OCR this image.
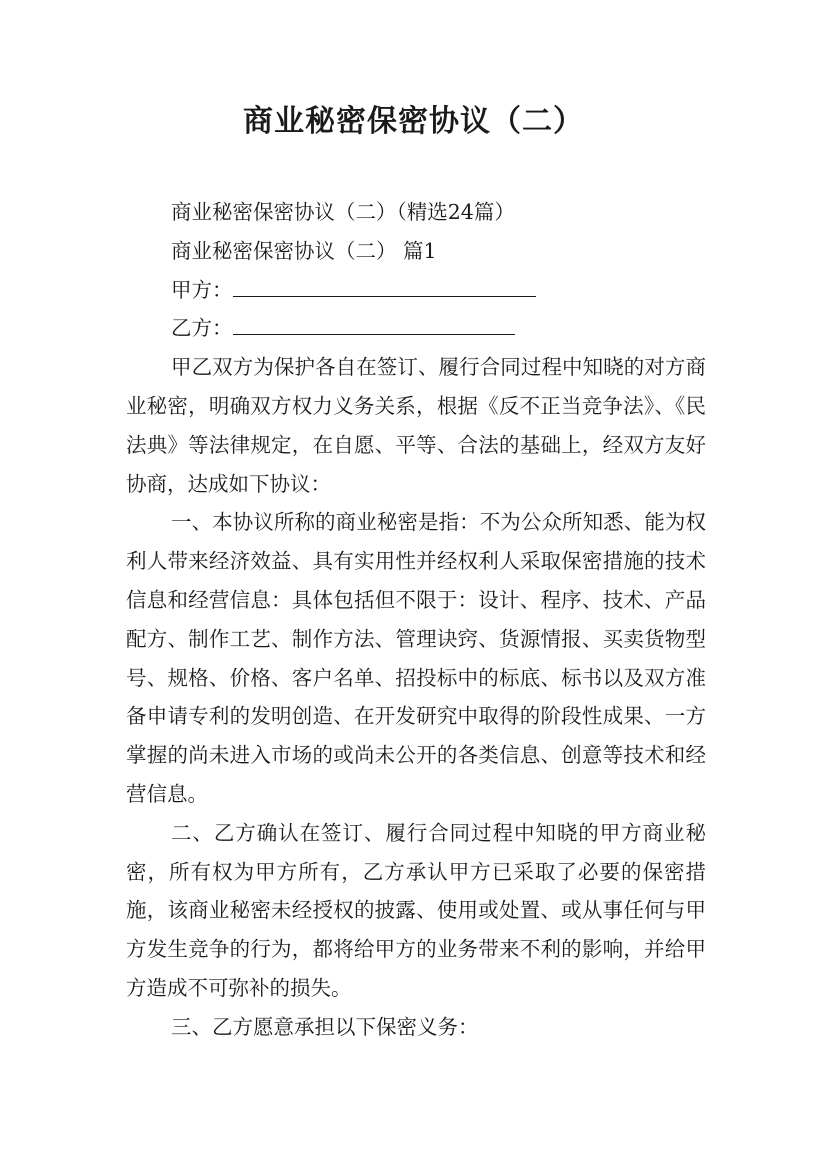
商业秘密保密协议（二）
商业秘密保密协议（二）（精选24篇）
商业秘密保密协议（二） 篇1
甲方：
乙方：

甲乙双方为保护各自在签订、履行合同过程中知晓的对方商业秘密，明确双方权力义务关系，根据《反不正当竞争法》、《民法典》等法律规定，在自愿、平等、合法的基础上，经双方友好协商，达成如下协议：

一、本协议所称的商业秘密是指：不为公众所知悉、能为权利人带来经济效益、具有实用性并经权利人采取保密措施的技术信息和经营信息：具体包括但不限于：设计、程序、技术、产品配方、制作工艺、制作方法、管理诀窍、货源情报、买卖货物型号、规格、价格、客户名单、招投标中的标底、标书以及双方准备申请专利的发明创造、在开发研究中取得的阶段性成果、一方掌握的尚未进入市场的或尚未公开的各类信息、创意等技术和经营信息。

二、乙方确认在签订、履行合同过程中知晓的甲方商业秘密，所有权为甲方所有，乙方承认甲方已采取了必要的保密措施，该商业秘密未经授权的披露、使用或处置、或从事任何与甲方发生竞争的行为，都将给甲方的业务带来不利的影响，并给甲方造成不可弥补的损失。

三、乙方愿意承担以下保密义务：
